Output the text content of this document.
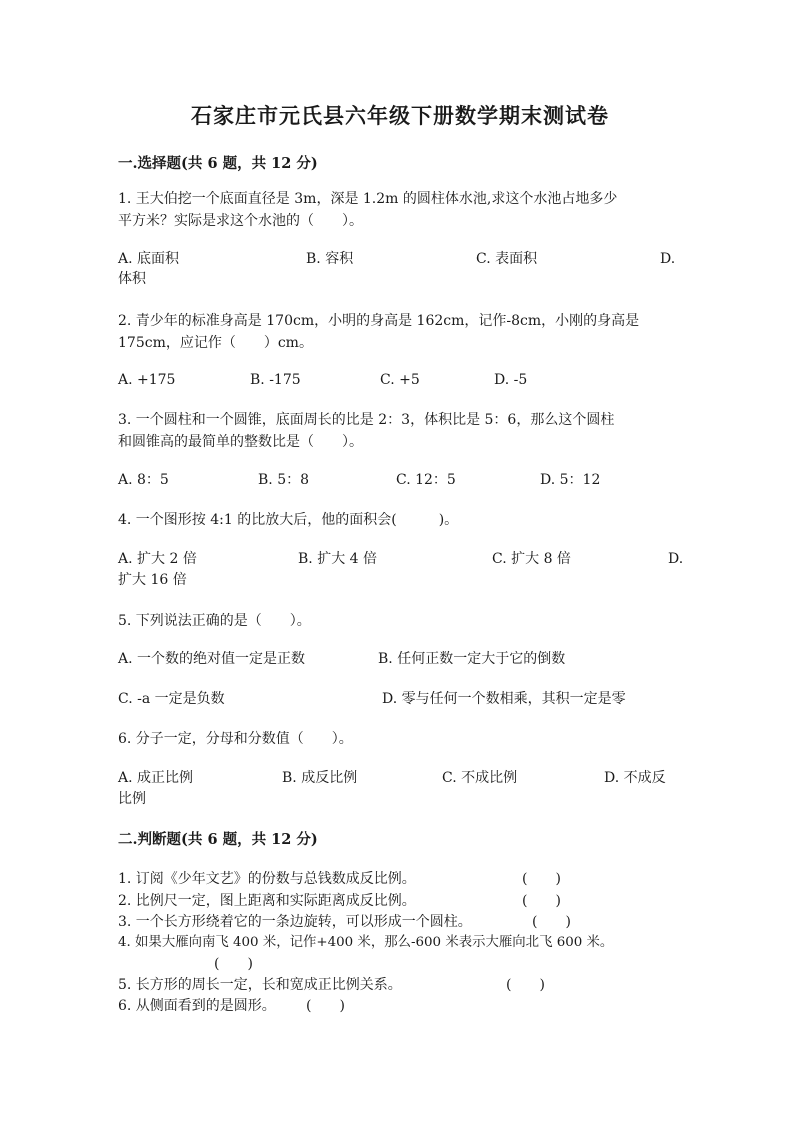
石家庄市元氏县六年级下册数学期末测试卷
一.选择题(共 6 题，共 12 分)
1. 王大伯挖一个底面直径是 3m，深是 1.2m 的圆柱体水池,求这个水池占地多少
平方米？实际是求这个水池的（　　）。
A. 底面积	B. 容积	C. 表面积	D.
体积
2. 青少年的标准身高是 170cm，小明的身高是 162cm，记作-8cm，小刚的身高是
175cm，应记作（　　）cm。
A. +175	B. -175	C. +5	D. -5
3. 一个圆柱和一个圆锥，底面周长的比是 2：3，体积比是 5：6，那么这个圆柱
和圆锥高的最简单的整数比是（　　）。
A. 8：5	B. 5：8	C. 12：5	D. 5：12
4. 一个图形按 4:1 的比放大后，他的面积会(　　　)。
A. 扩大 2 倍	B. 扩大 4 倍	C. 扩大 8 倍	D.
扩大 16 倍
5. 下列说法正确的是（　　）。
A. 一个数的绝对值一定是正数	B. 任何正数一定大于它的倒数
C. -a 一定是负数	D. 零与任何一个数相乘，其积一定是零
6. 分子一定，分母和分数值（　　）。
A. 成正比例	B. 成反比例	C. 不成比例	D. 不成反
比例
二.判断题(共 6 题，共 12 分)
1. 订阅《少年文艺》的份数与总钱数成反比例。	(　　)
2. 比例尺一定，图上距离和实际距离成反比例。	(　　)
3. 一个长方形绕着它的一条边旋转，可以形成一个圆柱。	(　　)
4. 如果大雁向南飞 400 米，记作+400 米，那么-600 米表示大雁向北飞 600 米。
(　　)
5. 长方形的周长一定，长和宽成正比例关系。	(　　)
6. 从侧面看到的是圆形。 (　　)
